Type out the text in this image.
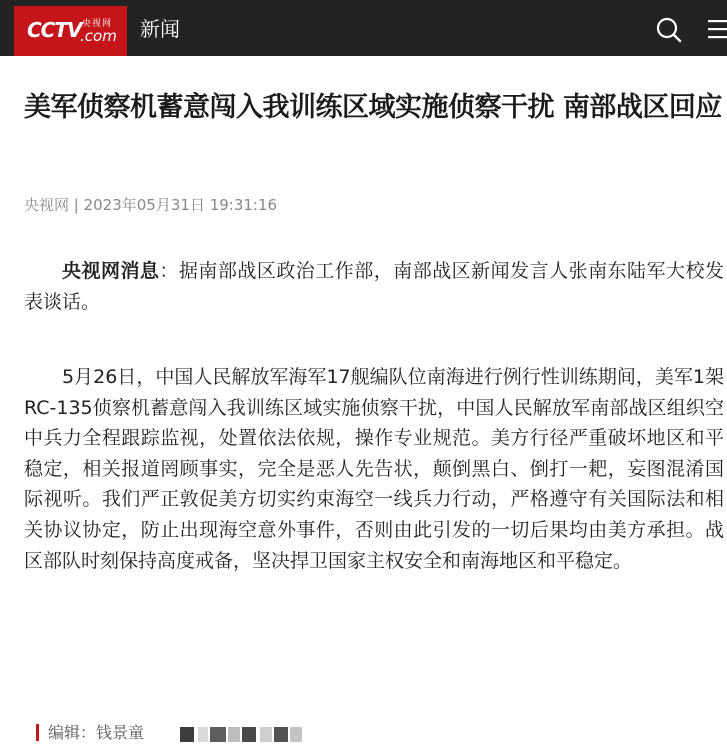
CCTV 央视网
.com 新闻
美军侦察机蓄意闯入我训练区域实施侦察干扰 南部战区回应
央视网 | 2023年05月31日 19:31:16

央视网消息：据南部战区政治工作部，南部战区新闻发言人张南东陆军大校发表谈话。

5月26日，中国人民解放军海军17舰编队位南海进行例行性训练期间，美军1架RC-135侦察机蓄意闯入我训练区域实施侦察干扰，中国人民解放军南部战区组织空中兵力全程跟踪监视，处置依法依规，操作专业规范。美方行径严重破坏地区和平稳定，相关报道罔顾事实，完全是恶人先告状，颠倒黑白、倒打一耙，妄图混淆国际视听。我们严正敦促美方切实约束海空一线兵力行动，严格遵守有关国际法和相关协议协定，防止出现海空意外事件，否则由此引发的一切后果均由美方承担。战区部队时刻保持高度戒备，坚决捍卫国家主权安全和南海地区和平稳定。

编辑：钱景童
